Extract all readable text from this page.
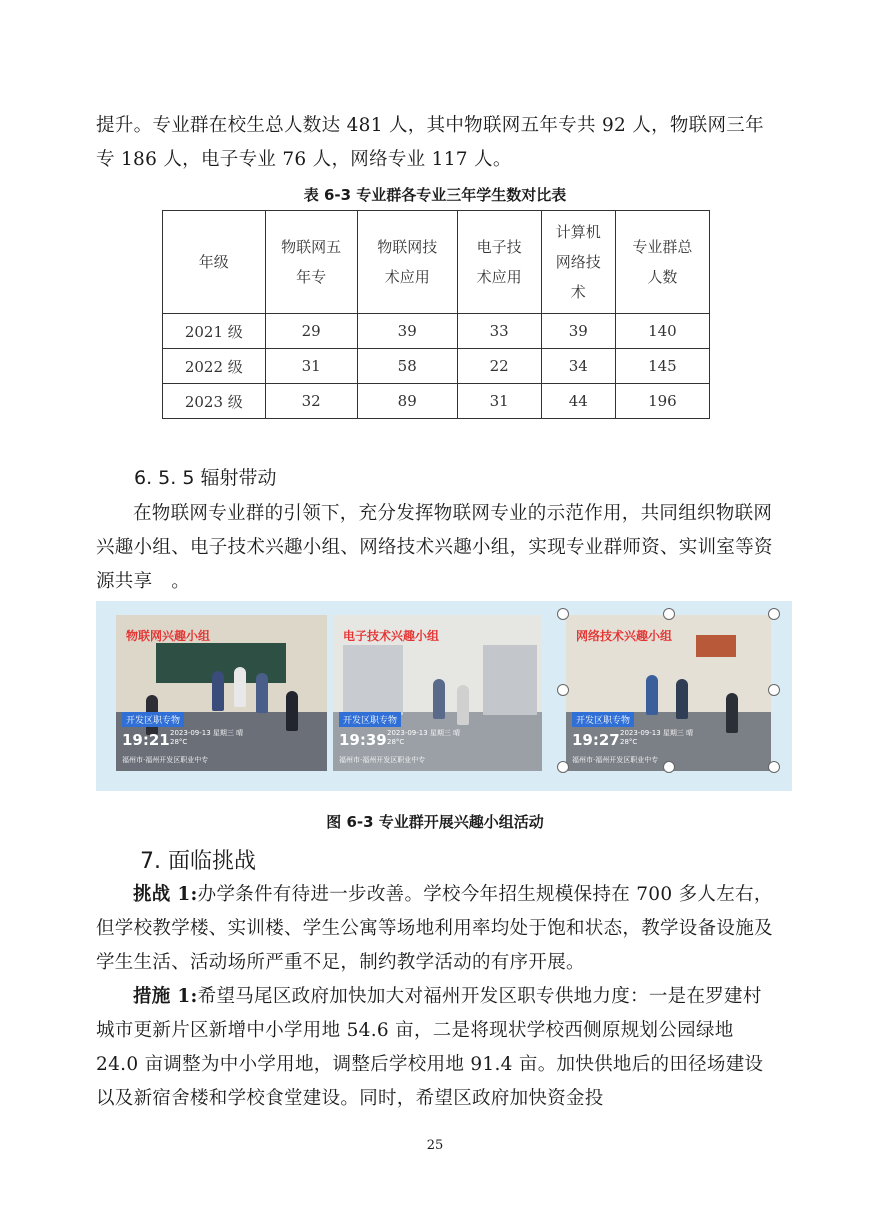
提升。专业群在校生总人数达 481 人，其中物联网五年专共 92 人，物联网三年专 186 人，电子专业 76 人，网络专业 117 人。

表 6-3 专业群各专业三年学生数对比表
年级	物联网五年专	物联网技术应用	电子技术应用	计算机网络技术	专业群总人数

2021 级	29	39	33	39	140
2022 级	31	58	22	34	145
2023 级	32	89	31	44	196
6. 5. 5 辐射带动

在物联网专业群的引领下，充分发挥物联网专业的示范作用，共同组织物联网兴趣小组、电子技术兴趣小组、网络技术兴趣小组，实现专业群师资、实训室等资源共享　。

物联网兴趣小组
开发区职专物
19:21 2023-09-13 星期三 晴 28°C
福州市·福州开发区职业中专
电子技术兴趣小组
开发区职专物
19:39 2023-09-13 星期三 晴 28°C
福州市·福州开发区职业中专
网络技术兴趣小组
开发区职专物
19:27 2023-09-13 星期三 晴 28°C
福州市·福州开发区职业中专
图 6-3 专业群开展兴趣小组活动
7. 面临挑战

挑战 1:办学条件有待进一步改善。学校今年招生规模保持在 700 多人左右，但学校教学楼、实训楼、学生公寓等场地利用率均处于饱和状态，教学设备设施及学生生活、活动场所严重不足，制约教学活动的有序开展。

措施 1:希望马尾区政府加快加大对福州开发区职专供地力度：一是在罗建村城市更新片区新增中小学用地 54.6 亩，二是将现状学校西侧原规划公园绿地 24.0 亩调整为中小学用地，调整后学校用地 91.4 亩。加快供地后的田径场建设以及新宿舍楼和学校食堂建设。同时，希望区政府加快资金投

25
